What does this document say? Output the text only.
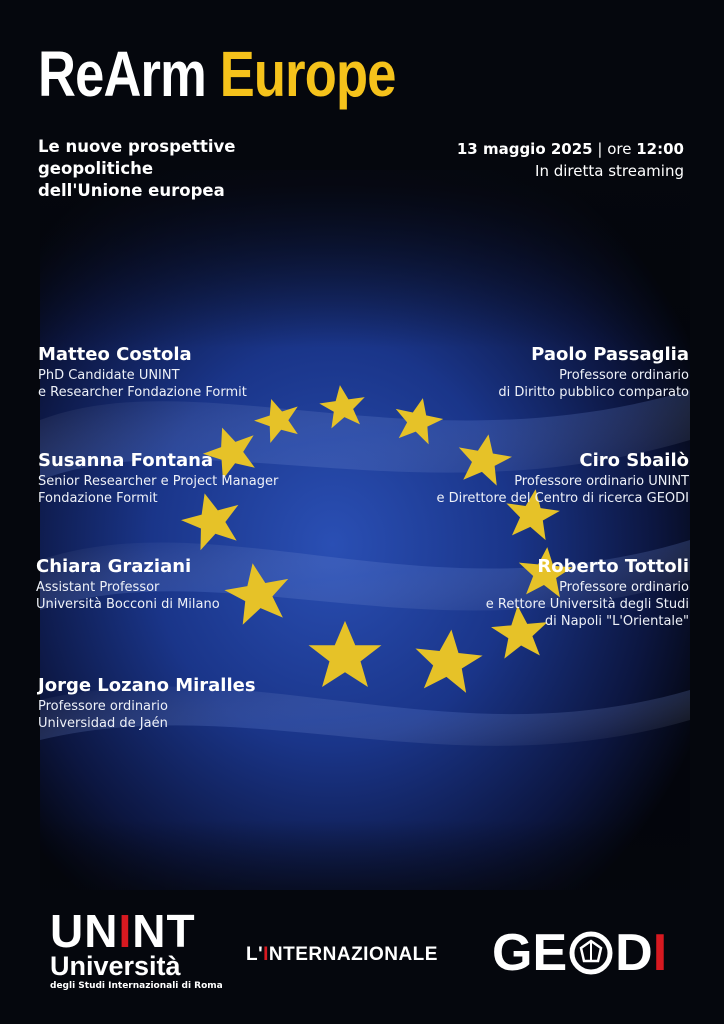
ReArm Europe
Le nuove prospettive
geopolitiche
dell'Unione europea
13 maggio 2025 | ore 12:00
In diretta streaming
Matteo Costola
PhD Candidate UNINT
e Researcher Fondazione Formit
Susanna Fontana
Senior Researcher e Project Manager
Fondazione Formit
Chiara Graziani
Assistant Professor
Università Bocconi di Milano
Jorge Lozano Miralles
Professore ordinario
Universidad de Jaén
Paolo Passaglia
Professore ordinario
di Diritto pubblico comparato
Ciro Sbailò
Professore ordinario UNINT
e Direttore del Centro di ricerca GEODI
Roberto Tottoli
Professore ordinario
e Rettore Università degli Studi
di Napoli "L'Orientale"
UNINT
Università
degli Studi Internazionali di Roma
L'INTERNAZIONALE GE D I
